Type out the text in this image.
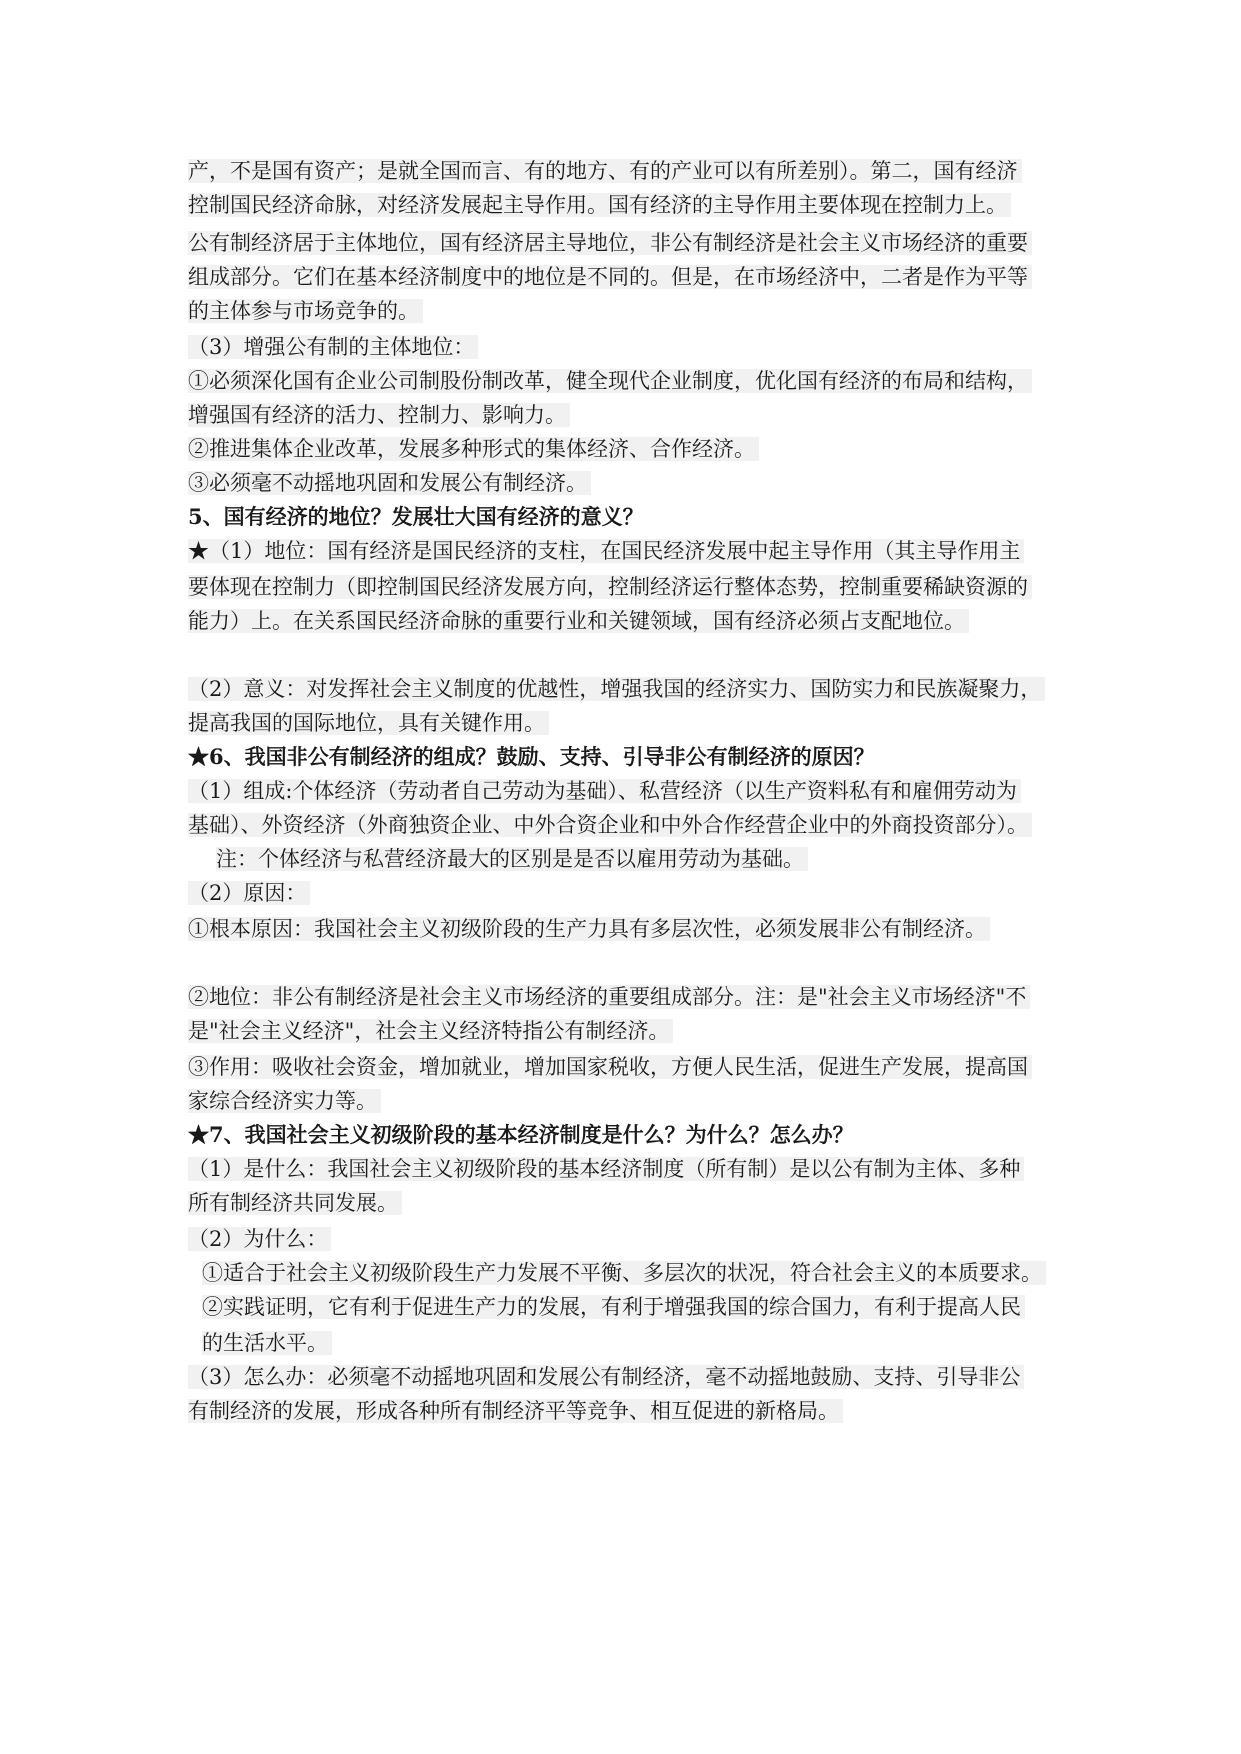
产，不是国有资产；是就全国而言、有的地方、有的产业可以有所差别）。第二，国有经济
控制国民经济命脉，对经济发展起主导作用。国有经济的主导作用主要体现在控制力上。
公有制经济居于主体地位，国有经济居主导地位，非公有制经济是社会主义市场经济的重要
组成部分。它们在基本经济制度中的地位是不同的。但是，在市场经济中，二者是作为平等
的主体参与市场竞争的。
（3）增强公有制的主体地位：
①必须深化国有企业公司制股份制改革，健全现代企业制度，优化国有经济的布局和结构，
增强国有经济的活力、控制力、影响力。
②推进集体企业改革，发展多种形式的集体经济、合作经济。
③必须毫不动摇地巩固和发展公有制经济。
5、国有经济的地位？发展壮大国有经济的意义？
★（1）地位：国有经济是国民经济的支柱，在国民经济发展中起主导作用（其主导作用主
要体现在控制力（即控制国民经济发展方向，控制经济运行整体态势，控制重要稀缺资源的
能力）上。在关系国民经济命脉的重要行业和关键领域，国有经济必须占支配地位。
（2）意义：对发挥社会主义制度的优越性，增强我国的经济实力、国防实力和民族凝聚力，
提高我国的国际地位，具有关键作用。
★6、我国非公有制经济的组成？鼓励、支持、引导非公有制经济的原因？
（1）组成:个体经济（劳动者自己劳动为基础）、私营经济（以生产资料私有和雇佣劳动为
基础）、外资经济（外商独资企业、中外合资企业和中外合作经营企业中的外商投资部分）。
注：个体经济与私营经济最大的区别是是否以雇用劳动为基础。
（2）原因：
①根本原因：我国社会主义初级阶段的生产力具有多层次性，必须发展非公有制经济。
②地位：非公有制经济是社会主义市场经济的重要组成部分。注：是"社会主义市场经济"不
是"社会主义经济"，社会主义经济特指公有制经济。
③作用：吸收社会资金，增加就业，增加国家税收，方便人民生活，促进生产发展，提高国
家综合经济实力等。
★7、我国社会主义初级阶段的基本经济制度是什么？为什么？怎么办？
（1）是什么：我国社会主义初级阶段的基本经济制度（所有制）是以公有制为主体、多种
所有制经济共同发展。
（2）为什么：
①适合于社会主义初级阶段生产力发展不平衡、多层次的状况，符合社会主义的本质要求。
②实践证明，它有利于促进生产力的发展，有利于增强我国的综合国力，有利于提高人民
的生活水平。
（3）怎么办：必须毫不动摇地巩固和发展公有制经济，毫不动摇地鼓励、支持、引导非公
有制经济的发展，形成各种所有制经济平等竞争、相互促进的新格局。
